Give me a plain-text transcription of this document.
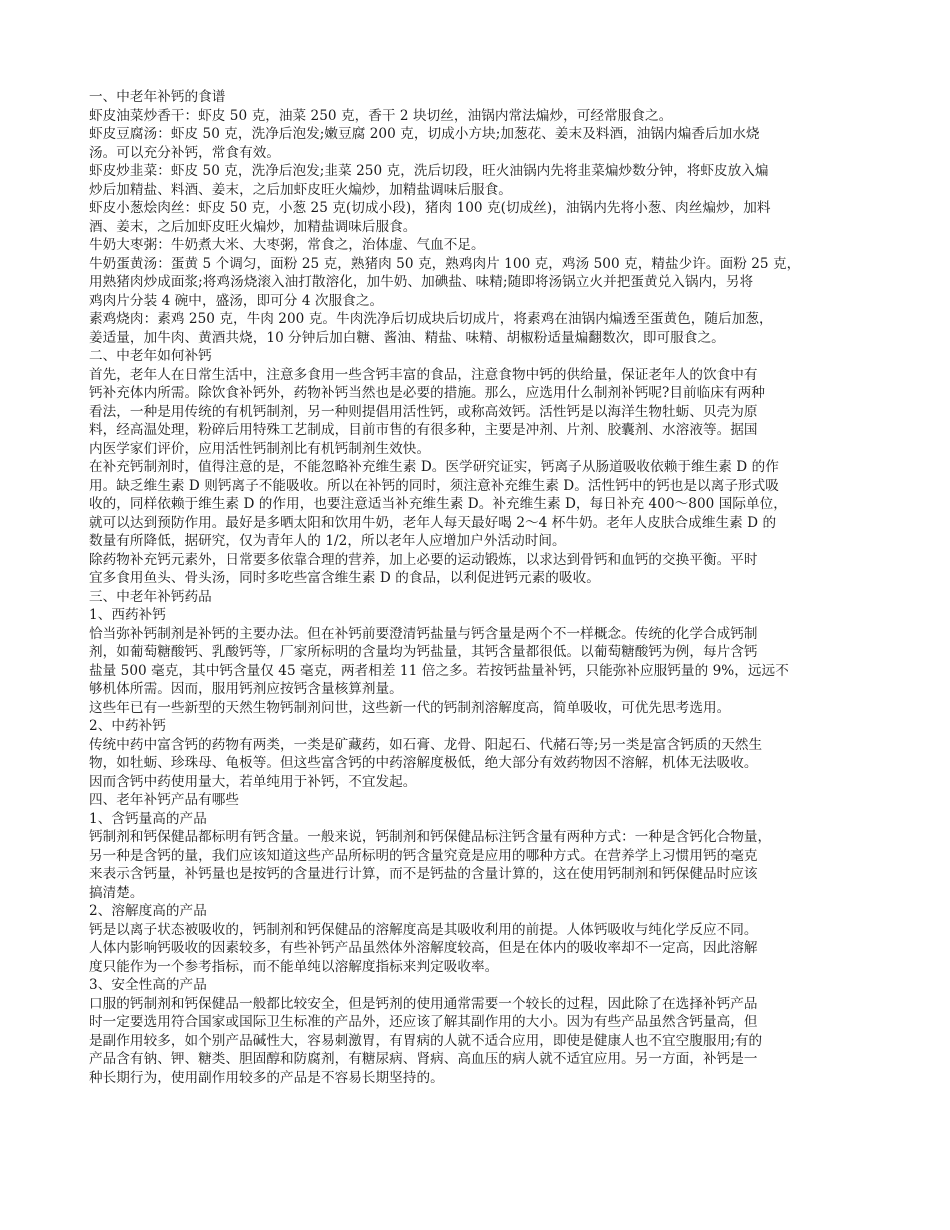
一、中老年补钙的食谱
虾皮油菜炒香干：虾皮 50 克，油菜 250 克，香干 2 块切丝，油锅内常法煸炒，可经常服食之。
虾皮豆腐汤：虾皮 50 克，洗净后泡发;嫩豆腐 200 克，切成小方块;加葱花、姜末及料酒，油锅内煸香后加水烧
汤。可以充分补钙，常食有效。
虾皮炒韭菜：虾皮 50 克，洗净后泡发;韭菜 250 克，洗后切段，旺火油锅内先将韭菜煸炒数分钟，将虾皮放入煸
炒后加精盐、料酒、姜末，之后加虾皮旺火煸炒，加精盐调味后服食。
虾皮小葱烩肉丝：虾皮 50 克，小葱 25 克(切成小段)，猪肉 100 克(切成丝)，油锅内先将小葱、肉丝煸炒，加料
酒、姜末，之后加虾皮旺火煸炒，加精盐调味后服食。
牛奶大枣粥：牛奶煮大米、大枣粥，常食之，治体虚、气血不足。
牛奶蛋黄汤：蛋黄 5 个调匀，面粉 25 克，熟猪肉 50 克，熟鸡肉片 100 克，鸡汤 500 克，精盐少许。面粉 25 克，
用熟猪肉炒成面浆;将鸡汤烧滚入油打散溶化，加牛奶、加碘盐、味精;随即将汤锅立火并把蛋黄兑入锅内，另将
鸡肉片分装 4 碗中，盛汤，即可分 4 次服食之。
素鸡烧肉：素鸡 250 克，牛肉 200 克。牛肉洗净后切成块后切成片，将素鸡在油锅内煸透至蛋黄色，随后加葱，
姜适量，加牛肉、黄酒共烧，10 分钟后加白糖、酱油、精盐、味精、胡椒粉适量煸翻数次，即可服食之。
二、中老年如何补钙
首先，老年人在日常生活中，注意多食用一些含钙丰富的食品，注意食物中钙的供给量，保证老年人的饮食中有
钙补充体内所需。除饮食补钙外，药物补钙当然也是必要的措施。那么，应选用什么制剂补钙呢?目前临床有两种
看法，一种是用传统的有机钙制剂，另一种则提倡用活性钙，或称高效钙。活性钙是以海洋生物牡蛎、贝壳为原
料，经高温处理，粉碎后用特殊工艺制成，目前市售的有很多种，主要是冲剂、片剂、胶囊剂、水溶液等。据国
内医学家们评价，应用活性钙制剂比有机钙制剂生效快。
在补充钙制剂时，值得注意的是，不能忽略补充维生素 D。医学研究证实，钙离子从肠道吸收依赖于维生素 D 的作
用。缺乏维生素 D 则钙离子不能吸收。所以在补钙的同时，须注意补充维生素 D。活性钙中的钙也是以离子形式吸
收的，同样依赖于维生素 D 的作用，也要注意适当补充维生素 D。补充维生素 D，每日补充 400～800 国际单位，
就可以达到预防作用。最好是多晒太阳和饮用牛奶，老年人每天最好喝 2～4 杯牛奶。老年人皮肤合成维生素 D 的
数量有所降低，据研究，仅为青年人的 1/2，所以老年人应增加户外活动时间。
除药物补充钙元素外，日常要多依靠合理的营养，加上必要的运动锻炼，以求达到骨钙和血钙的交换平衡。平时
宜多食用鱼头、骨头汤，同时多吃些富含维生素 D 的食品，以利促进钙元素的吸收。
三、中老年补钙药品
1、西药补钙
恰当弥补钙制剂是补钙的主要办法。但在补钙前要澄清钙盐量与钙含量是两个不一样概念。传统的化学合成钙制
剂，如葡萄糖酸钙、乳酸钙等，厂家所标明的含量均为钙盐量，其钙含量都很低。以葡萄糖酸钙为例，每片含钙
盐量 500 毫克，其中钙含量仅 45 毫克，两者相差 11 倍之多。若按钙盐量补钙，只能弥补应服钙量的 9%，远远不
够机体所需。因而，服用钙剂应按钙含量核算剂量。
这些年已有一些新型的天然生物钙制剂问世，这些新一代的钙制剂溶解度高，简单吸收，可优先思考选用。
2、中药补钙
传统中药中富含钙的药物有两类，一类是矿藏药，如石膏、龙骨、阳起石、代赭石等;另一类是富含钙质的天然生
物，如牡蛎、珍珠母、龟板等。但这些富含钙的中药溶解度极低，绝大部分有效药物因不溶解，机体无法吸收。
因而含钙中药使用量大，若单纯用于补钙，不宜发起。
四、老年补钙产品有哪些
1、含钙量高的产品
钙制剂和钙保健品都标明有钙含量。一般来说，钙制剂和钙保健品标注钙含量有两种方式：一种是含钙化合物量，
另一种是含钙的量，我们应该知道这些产品所标明的钙含量究竟是应用的哪种方式。在营养学上习惯用钙的毫克
来表示含钙量，补钙量也是按钙的含量进行计算，而不是钙盐的含量计算的，这在使用钙制剂和钙保健品时应该
搞清楚。
2、溶解度高的产品
钙是以离子状态被吸收的，钙制剂和钙保健品的溶解度高是其吸收利用的前提。人体钙吸收与纯化学反应不同。
人体内影响钙吸收的因素较多，有些补钙产品虽然体外溶解度较高，但是在体内的吸收率却不一定高，因此溶解
度只能作为一个参考指标，而不能单纯以溶解度指标来判定吸收率。
3、安全性高的产品
口服的钙制剂和钙保健品一般都比较安全，但是钙剂的使用通常需要一个较长的过程，因此除了在选择补钙产品
时一定要选用符合国家或国际卫生标准的产品外，还应该了解其副作用的大小。因为有些产品虽然含钙量高，但
是副作用较多，如个别产品碱性大，容易刺激胃，有胃病的人就不适合应用，即使是健康人也不宜空腹服用;有的
产品含有钠、钾、糖类、胆固醇和防腐剂，有糖尿病、肾病、高血压的病人就不适宜应用。另一方面，补钙是一
种长期行为，使用副作用较多的产品是不容易长期坚持的。
